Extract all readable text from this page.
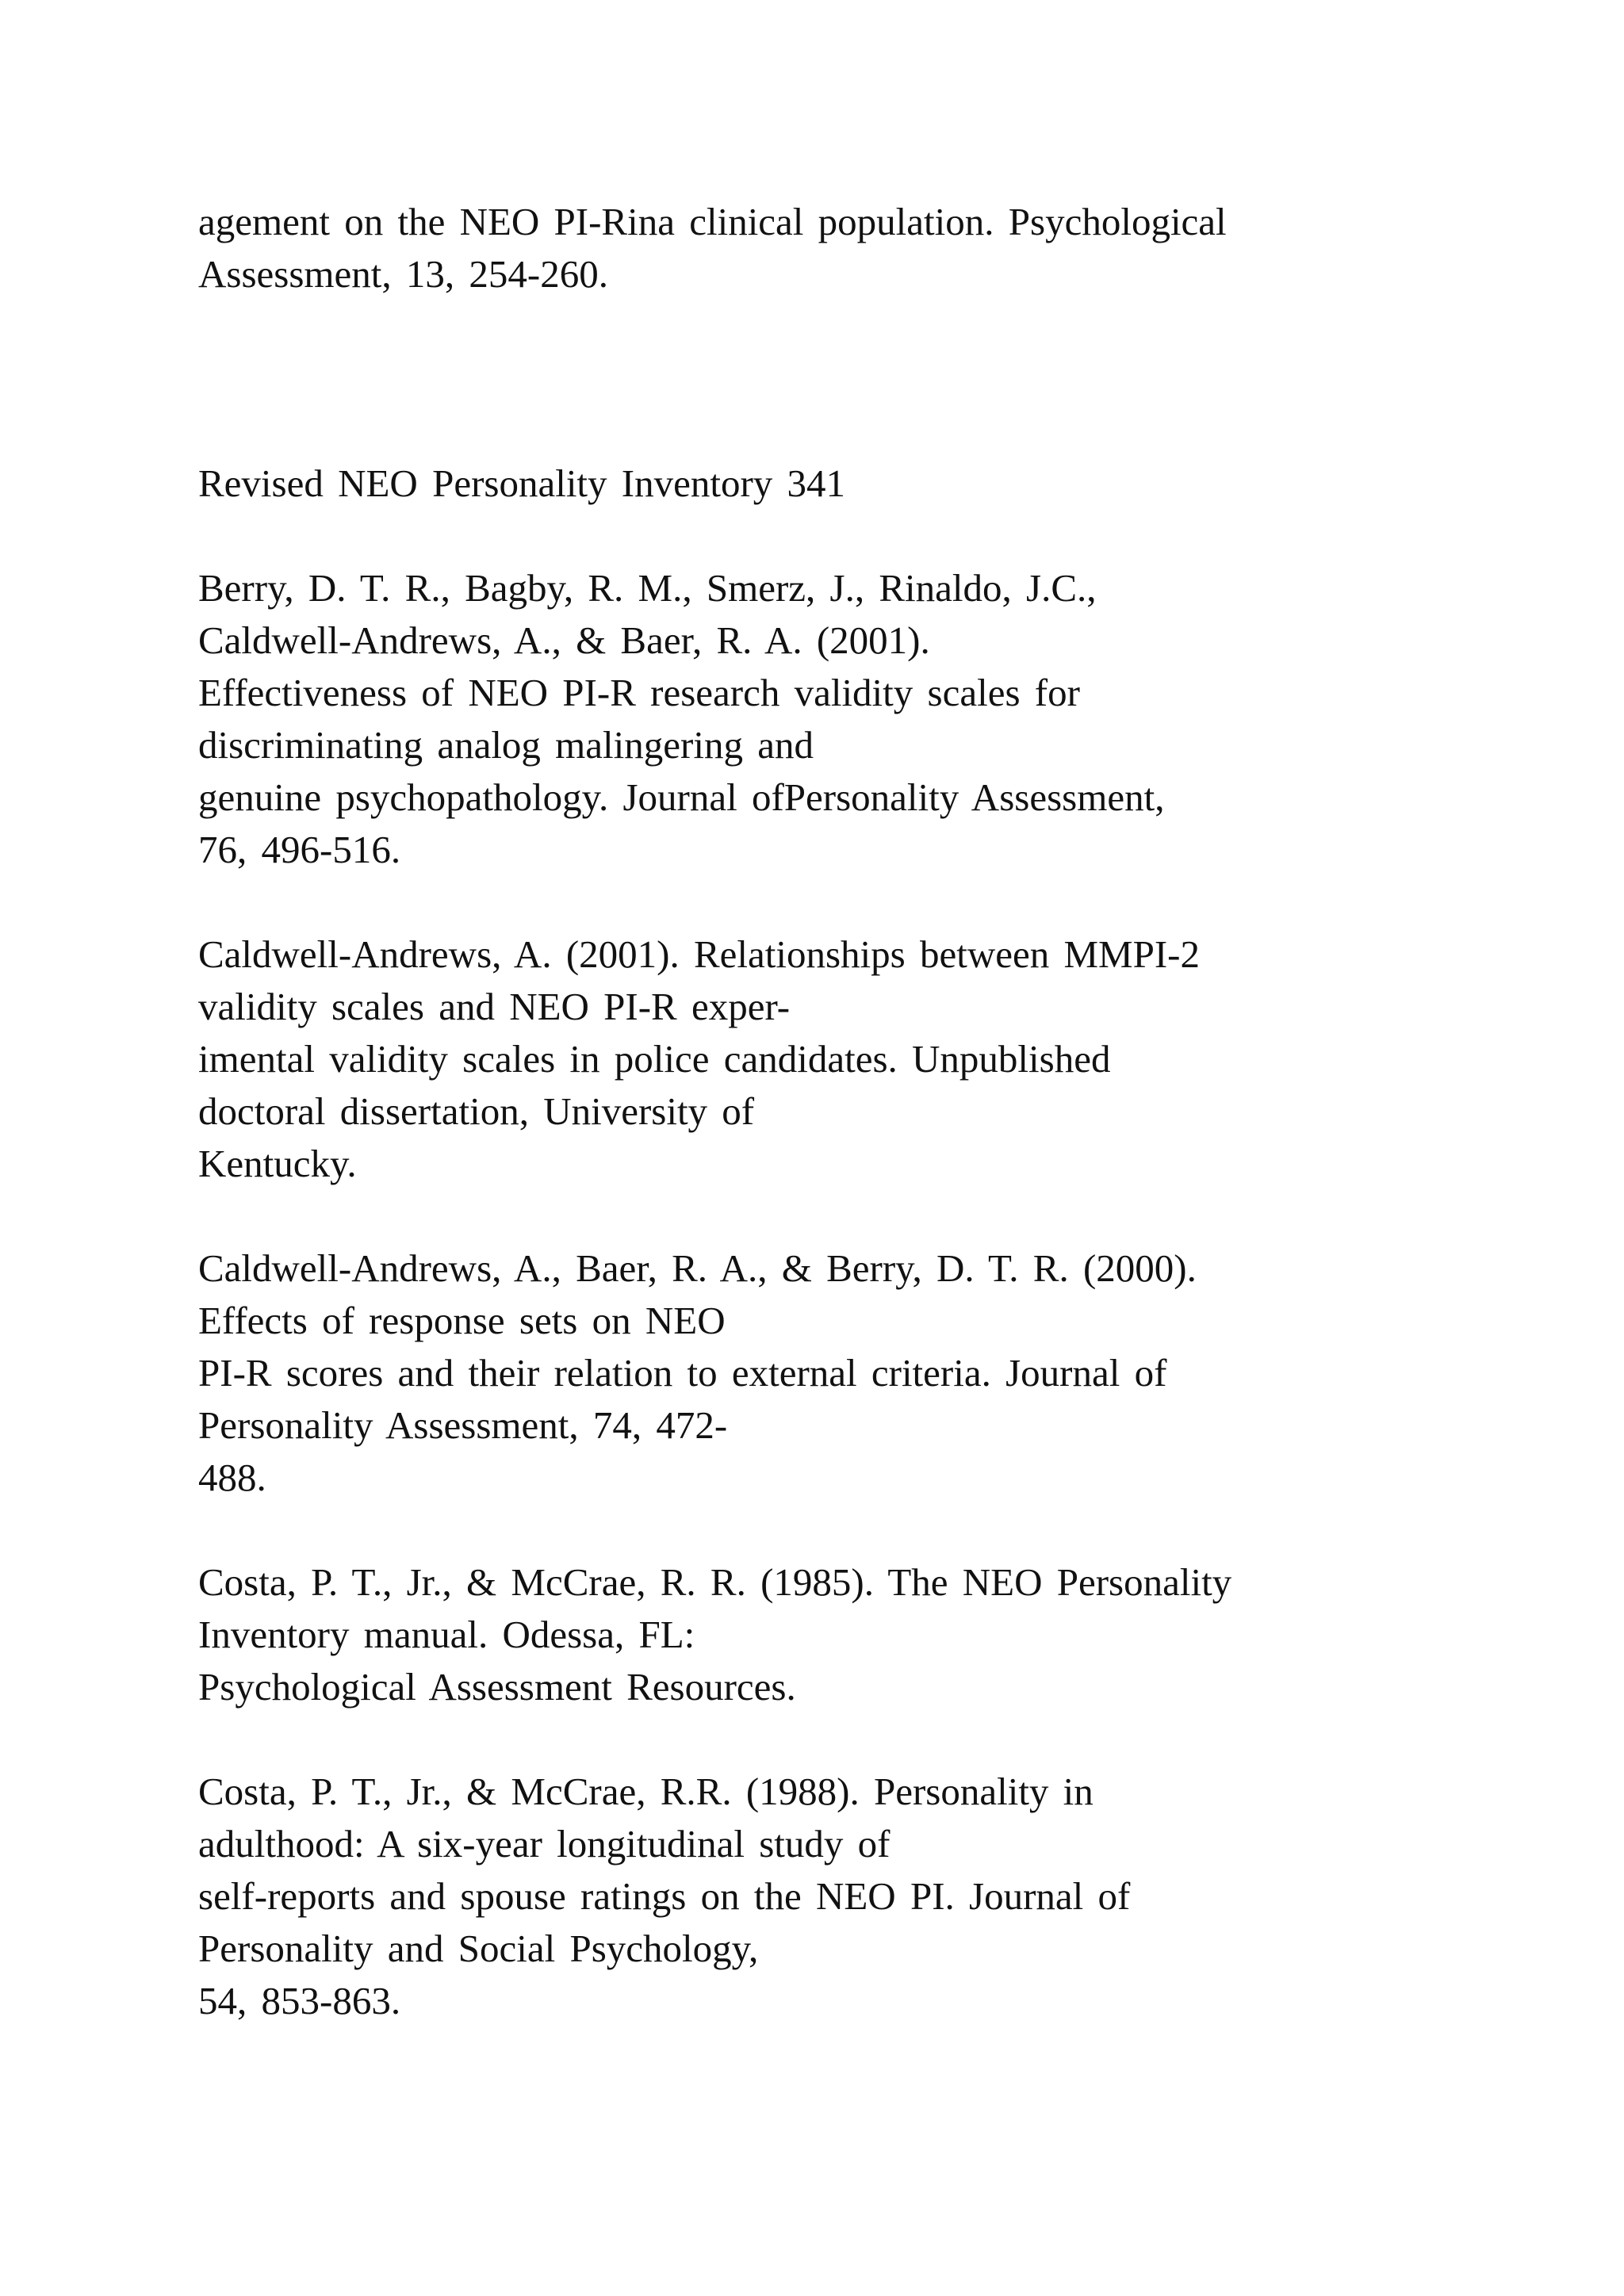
agement on the NEO PI-Rina clinical population. Psychological
Assessment, 13, 254-260.
Revised NEO Personality Inventory 341
Berry, D. T. R., Bagby, R. M., Smerz, J., Rinaldo, J.C.,
Caldwell-Andrews, A., & Baer, R. A. (2001).
Effectiveness of NEO PI-R research validity scales for
discriminating analog malingering and
genuine psychopathology. Journal ofPersonality Assessment,
76, 496-516.
Caldwell-Andrews, A. (2001). Relationships between MMPI-2
validity scales and NEO PI-R exper-
imental validity scales in police candidates. Unpublished
doctoral dissertation, University of
Kentucky.
Caldwell-Andrews, A., Baer, R. A., & Berry, D. T. R. (2000).
Effects of response sets on NEO
PI-R scores and their relation to external criteria. Journal of
Personality Assessment, 74, 472-
488.
Costa, P. T., Jr., & McCrae, R. R. (1985). The NEO Personality
Inventory manual. Odessa, FL:
Psychological Assessment Resources.
Costa, P. T., Jr., & McCrae, R.R. (1988). Personality in
adulthood: A six-year longitudinal study of
self-reports and spouse ratings on the NEO PI. Journal of
Personality and Social Psychology,
54, 853-863.
